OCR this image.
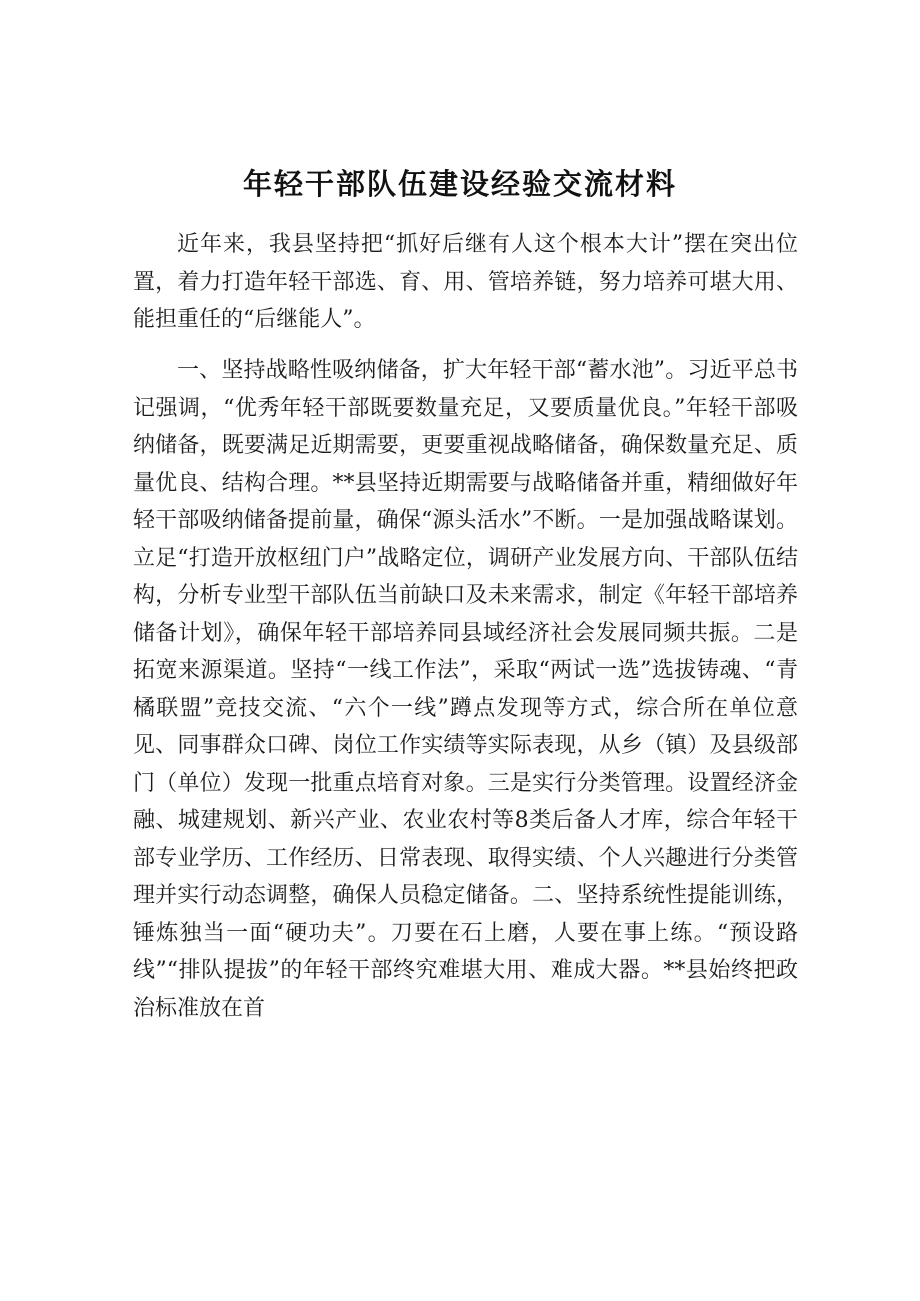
年轻干部队伍建设经验交流材料

近年来，我县坚持把“抓好后继有人这个根本大计”摆在突出位置，着力打造年轻干部选、育、用、管培养链，努力培养可堪大用、能担重任的“后继能人”。

一、坚持战略性吸纳储备，扩大年轻干部“蓄水池”。习近平总书记强调，“优秀年轻干部既要数量充足，又要质量优良。”年轻干部吸纳储备，既要满足近期需要，更要重视战略储备，确保数量充足、质量优良、结构合理。**县坚持近期需要与战略储备并重，精细做好年轻干部吸纳储备提前量，确保“源头活水”不断。一是加强战略谋划。立足“打造开放枢纽门户”战略定位，调研产业发展方向、干部队伍结构，分析专业型干部队伍当前缺口及未来需求，制定《年轻干部培养储备计划》，确保年轻干部培养同县域经济社会发展同频共振。二是拓宽来源渠道。坚持“一线工作法”，采取“两试一选”选拔铸魂、“青橘联盟”竞技交流、“六个一线”蹲点发现等方式，综合所在单位意见、同事群众口碑、岗位工作实绩等实际表现，从乡（镇）及县级部门（单位）发现一批重点培育对象。三是实行分类管理。设置经济金融、城建规划、新兴产业、农业农村等8类后备人才库，综合年轻干部专业学历、工作经历、日常表现、取得实绩、个人兴趣进行分类管理并实行动态调整，确保人员稳定储备。二、坚持系统性提能训练，锤炼独当一面“硬功夫”。刀要在石上磨，人要在事上练。“预设路线”“排队提拔”的年轻干部终究难堪大用、难成大器。**县始终把政治标准放在首
